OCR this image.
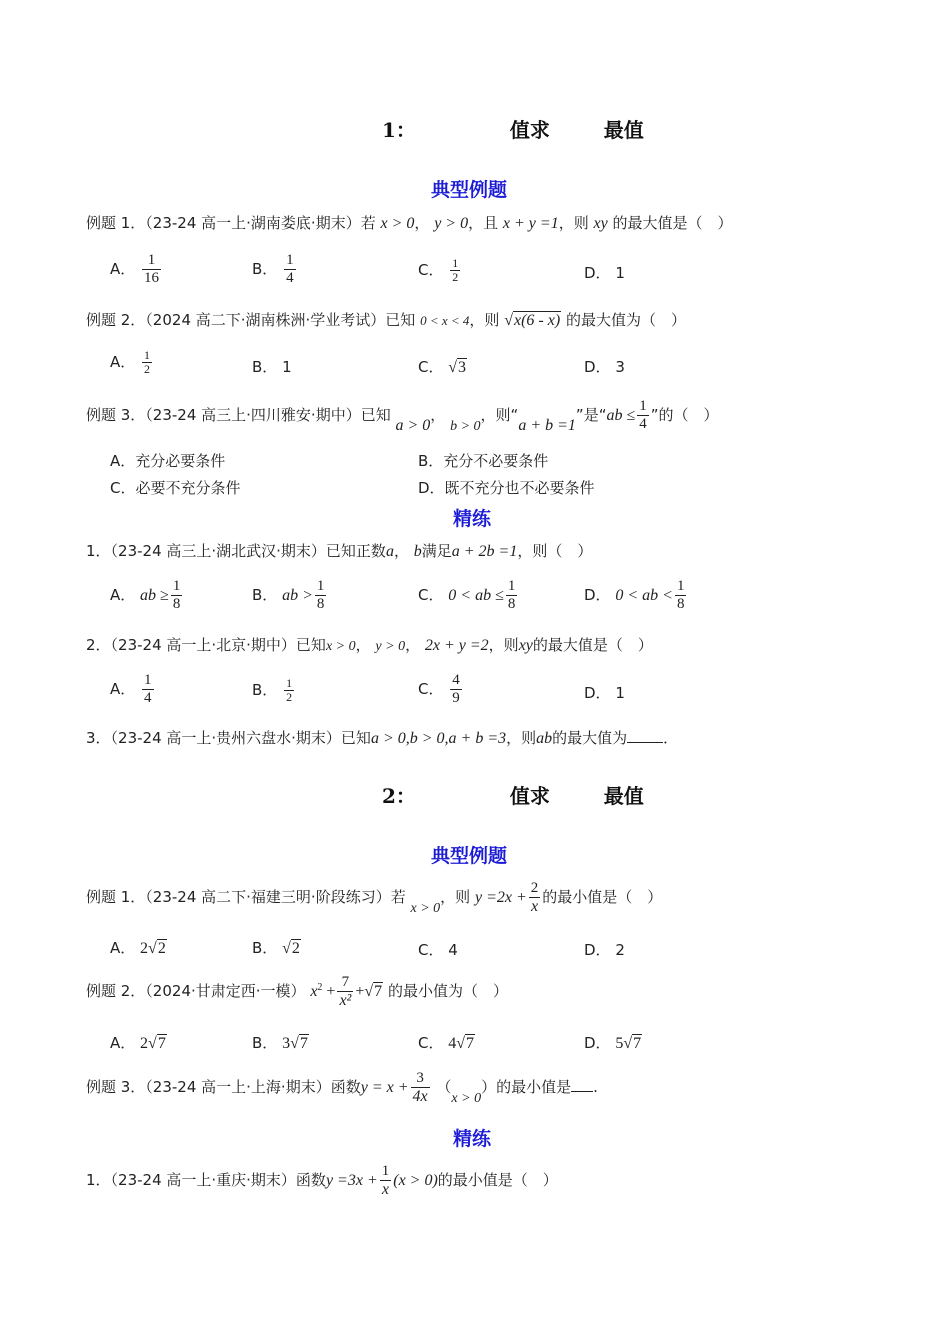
1：	值求	最值
典型例题
例题 1．（23-24 高一上·湖南娄底·期末）若 x > 0， y > 0，且 x + y =1，则 xy 的最大值是（　）
A． $\frac{1}{16}$	B． $\frac{1}{4}$	C． $\frac{1}{2}$	D． 1
例题 2．（2024 高二下·湖南株洲·学业考试）已知 0 < x < 4，则 √x(6 - x) 的最大值为（　）
A． $\frac{1}{2}$	B． 1	C． √3	D． 3
例题 3．（23-24 高三上·四川雅安·期中）已知 a > 0， b > 0，则“a + b =1”是“ab ≤ $\frac{1}{4}$ ”的（　）
A．充分必要条件	B．充分不必要条件
C．必要不充分条件	D．既不充分也不必要条件
精练
1．（23-24 高三上·湖北武汉·期末）已知正数a， b满足a + 2b =1，则（　）
A． ab ≥ $\frac{1}{8}$	B． ab > $\frac{1}{8}$	C． 0 < ab ≤ $\frac{1}{8}$	D． 0 < ab < $\frac{1}{8}$
2．（23-24 高一上·北京·期中）已知x > 0， y > 0， 2x + y =2，则xy的最大值是（　）
A． $\frac{1}{4}$	B． $\frac{1}{2}$	C． $\frac{4}{9}$	D． 1
3．（23-24 高一上·贵州六盘水·期末）已知a > 0,b > 0,a + b =3，则ab的最大值为 ．
2：	值求	最值
典型例题
例题 1．（23-24 高二下·福建三明·阶段练习）若 x > 0，则 $y =2x + \frac{2}{x}$ 的最小值是（　）
A． 2√2	B． √2	C． 4	D． 2
例题 2．（2024·甘肃定西·一模） $x^2 + \frac{7}{\text{x²}} +√7$ 的最小值为（　）
A． 2√7	B． 3√7	C． 4√7	D． 5√7
例题 3．（23-24 高一上·上海·期末）函数$y = x + \frac{3}{4x} (x > 0)$的最小值是 .
精练
1．（23-24 高一上·重庆·期末）函数$y =3x + \frac{1}{x} (x > 0)$的最小值是（　）
